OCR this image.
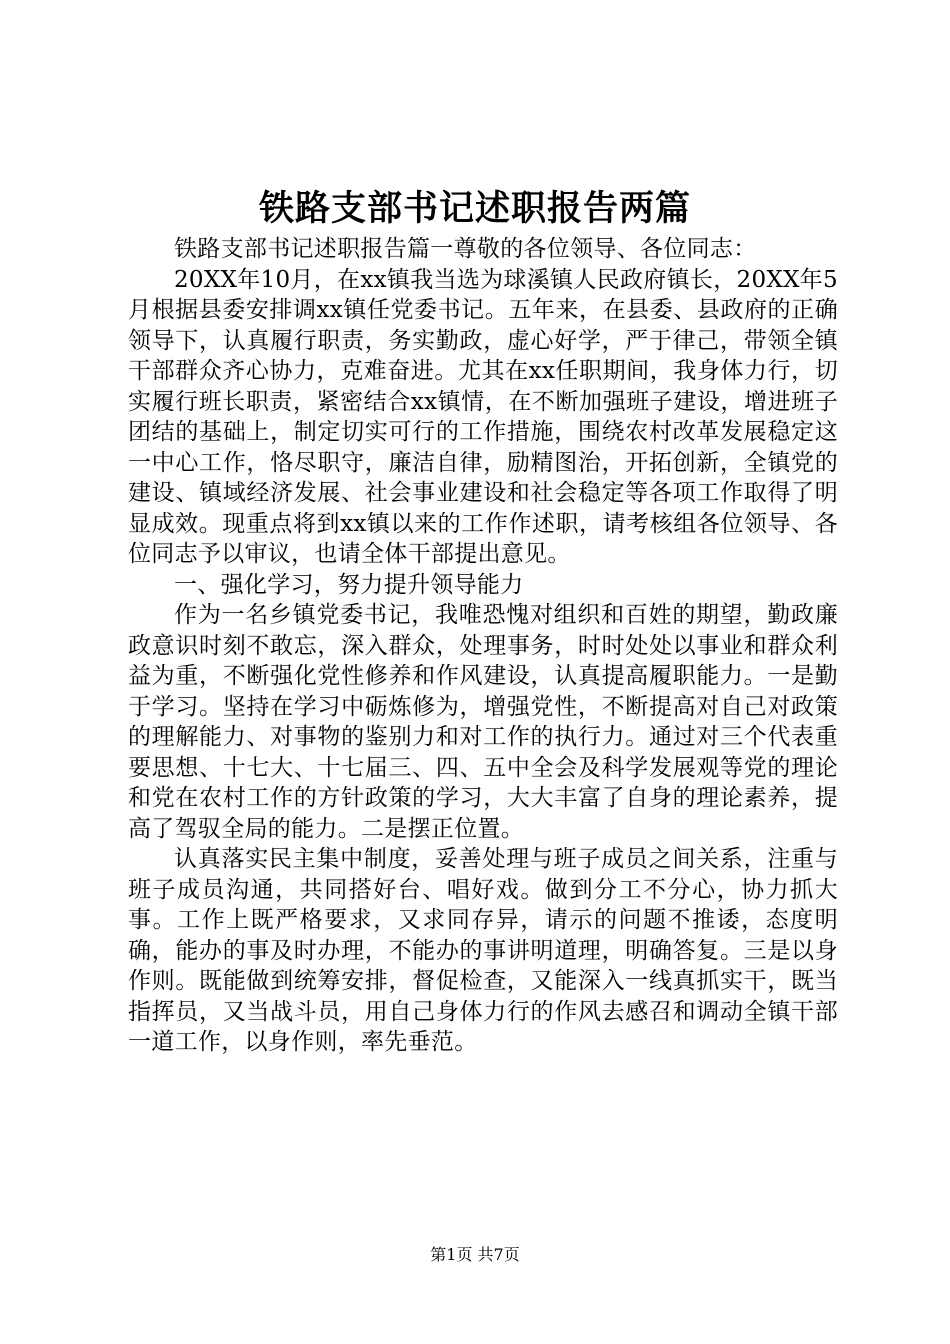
铁路支部书记述职报告两篇

铁路支部书记述职报告篇一尊敬的各位领导、各位同志：

20XX年10月，在xx镇我当选为球溪镇人民政府镇长，20XX年5月根据县委安排调xx镇任党委书记。五年来，在县委、县政府的正确领导下，认真履行职责，务实勤政，虚心好学，严于律己，带领全镇干部群众齐心协力，克难奋进。尤其在xx任职期间，我身体力行，切实履行班长职责，紧密结合xx镇情，在不断加强班子建设，增进班子团结的基础上，制定切实可行的工作措施，围绕农村改革发展稳定这一中心工作，恪尽职守，廉洁自律，励精图治，开拓创新，全镇党的建设、镇域经济发展、社会事业建设和社会稳定等各项工作取得了明显成效。现重点将到xx镇以来的工作作述职，请考核组各位领导、各位同志予以审议，也请全体干部提出意见。

一、强化学习，努力提升领导能力

作为一名乡镇党委书记，我唯恐愧对组织和百姓的期望，勤政廉政意识时刻不敢忘，深入群众，处理事务，时时处处以事业和群众利益为重，不断强化党性修养和作风建设，认真提高履职能力。一是勤于学习。坚持在学习中砺炼修为，增强党性，不断提高对自己对政策的理解能力、对事物的鉴别力和对工作的执行力。通过对三个代表重要思想、十七大、十七届三、四、五中全会及科学发展观等党的理论和党在农村工作的方针政策的学习，大大丰富了自身的理论素养，提高了驾驭全局的能力。二是摆正位置。

认真落实民主集中制度，妥善处理与班子成员之间关系，注重与班子成员沟通，共同搭好台、唱好戏。做到分工不分心，协力抓大事。工作上既严格要求，又求同存异，请示的问题不推诿，态度明确，能办的事及时办理，不能办的事讲明道理，明确答复。三是以身作则。既能做到统筹安排，督促检查，又能深入一线真抓实干，既当指挥员，又当战斗员，用自己身体力行的作风去感召和调动全镇干部一道工作，以身作则，率先垂范。

第1页 共7页
